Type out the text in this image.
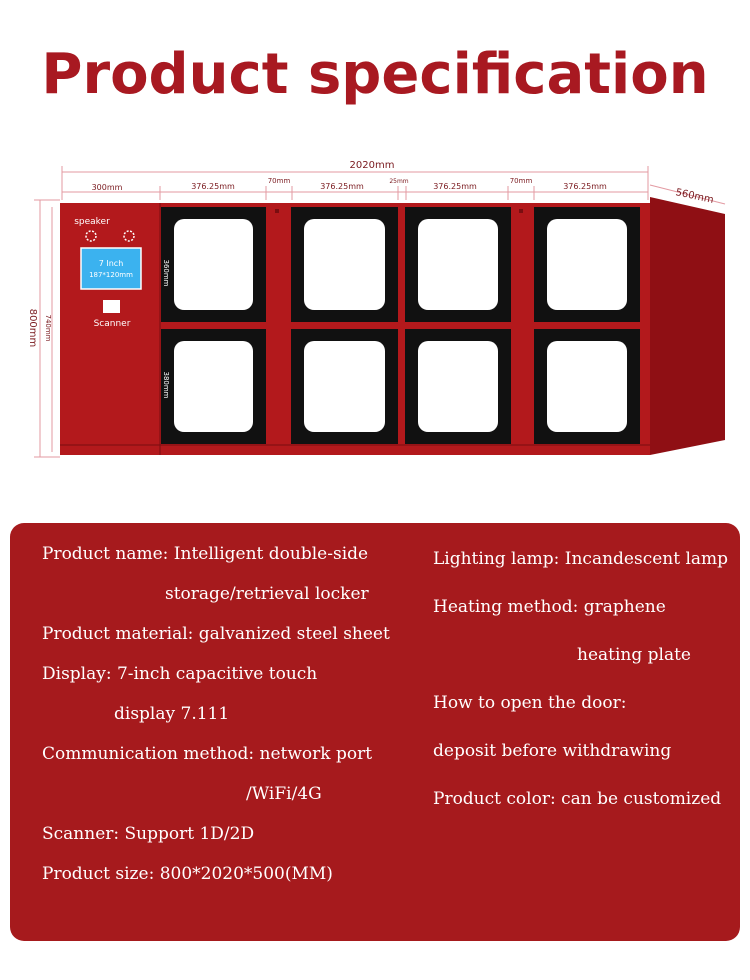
Product specification
2020mm
300mm	376.25mm
70mm
376.25mm
25mm
376.25mm
70mm
376.25mm
560mm
800mm 740mm
speaker
7 Inch
187*120mm
Scanner
360mm
380mm
Product name: Intelligent double-side
storage/retrieval locker
Product material: galvanized steel sheet
Display: 7-inch capacitive touch
display 7.111
Communication method: network port
/WiFi/4G
Scanner: Support 1D/2D
Product size: 800*2020*500(MM)
Lighting lamp: Incandescent lamp
Heating method: graphene
heating plate
How to open the door:
deposit before withdrawing
Product color: can be customized
